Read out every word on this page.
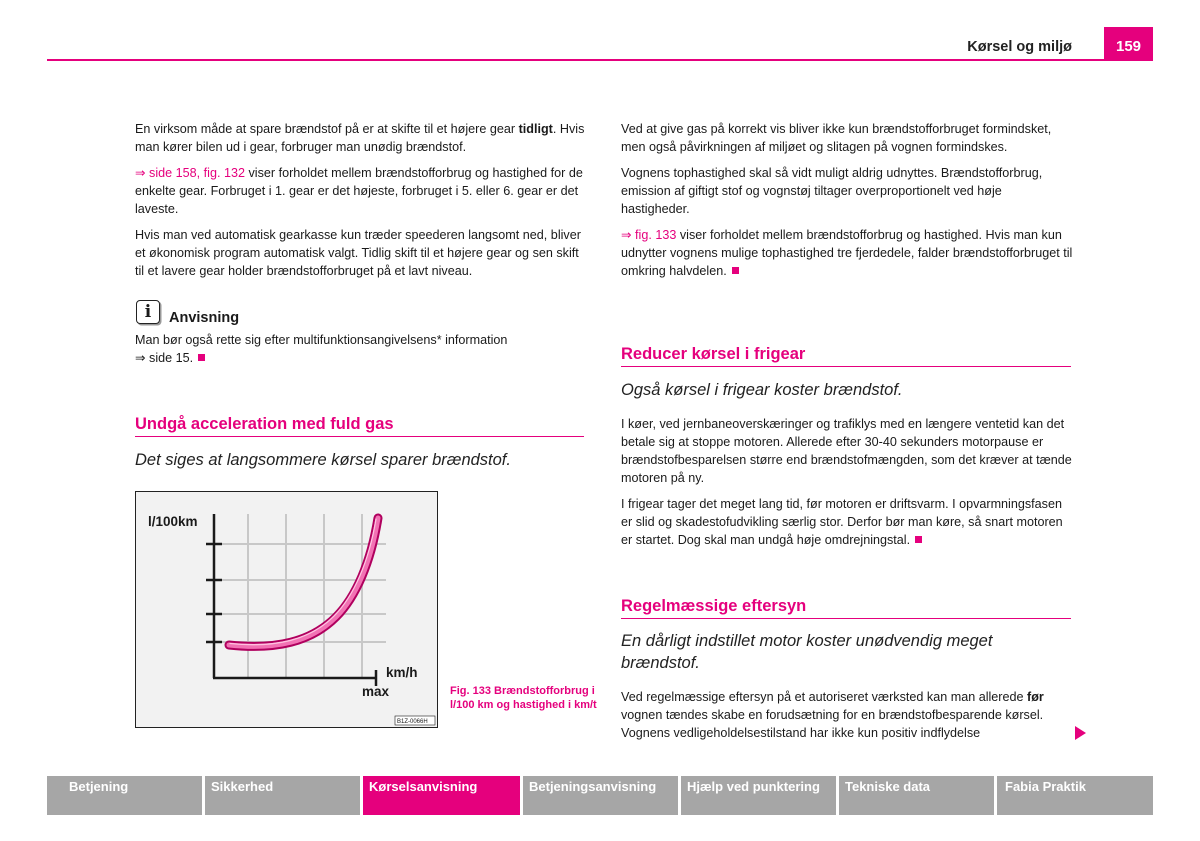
Kørsel og miljø	159

En virksom måde at spare brændstof på er at skifte til et højere gear tidligt. Hvis man kører bilen ud i gear, forbruger man unødig brændstof.

⇒ side 158, fig. 132 viser forholdet mellem brændstofforbrug og hastighed for de enkelte gear. Forbruget i 1. gear er det højeste, forbruget i 5. eller 6. gear er det laveste.

Hvis man ved automatisk gearkasse kun træder speederen langsomt ned, bliver et økonomisk program automatisk valgt. Tidlig skift til et højere gear og sen skift til et lavere gear holder brændstofforbruget på et lavt niveau.

i	Anvisning

Man bør også rette sig efter multifunktionsangivelsens* information

⇒ side 15.

Undgå acceleration med fuld gas
Det siges at langsommere kørsel sparer brændstof.
l/100km
km/h
max
B1Z-0066H
Fig. 133 Brændstofforbrug i l/100 km og hastighed i km/t

Ved at give gas på korrekt vis bliver ikke kun brændstofforbruget formindsket, men også påvirkningen af miljøet og slitagen på vognen formindskes.

Vognens tophastighed skal så vidt muligt aldrig udnyttes. Brændstofforbrug, emission af giftigt stof og vognstøj tiltager overproportionelt ved høje hastigheder.

⇒ fig. 133 viser forholdet mellem brændstofforbrug og hastighed. Hvis man kun udnytter vognens mulige tophastighed tre fjerdedele, falder brændstofforbruget til omkring halvdelen.

Reducer kørsel i frigear
Også kørsel i frigear koster brændstof.

I køer, ved jernbaneoverskæringer og trafiklys med en længere ventetid kan det betale sig at stoppe motoren. Allerede efter 30-40 sekunders motorpause er brændstofbesparelsen større end brændstofmængden, som det kræver at tænde motoren på ny.

I frigear tager det meget lang tid, før motoren er driftsvarm. I opvarmningsfasen er slid og skadestofudvikling særlig stor. Derfor bør man køre, så snart motoren er startet. Dog skal man undgå høje omdrejningstal.

Regelmæssige eftersyn
En dårligt indstillet motor koster unødvendig meget brændstof.

Ved regelmæssige eftersyn på et autoriseret værksted kan man allerede før vognen tændes skabe en forudsætning for en brændstofbesparende kørsel. Vognens vedligeholdelsestilstand har ikke kun positiv indflydelse

Betjening	Sikkerhed	Kørselsanvisning	Betjeningsanvisning	Hjælp ved punktering	Tekniske data	Fabia Praktik
